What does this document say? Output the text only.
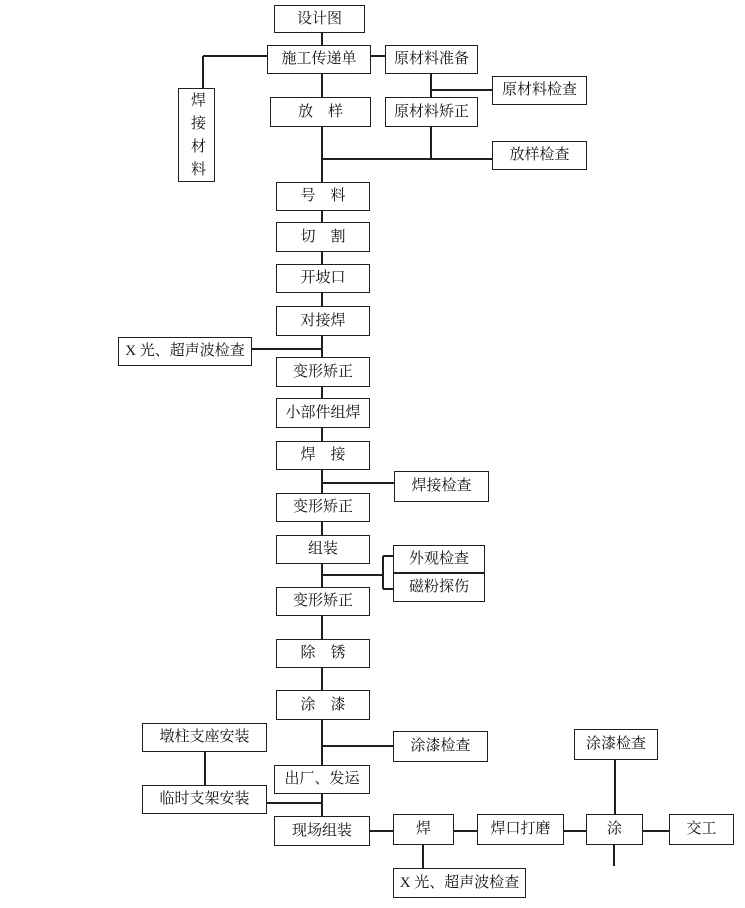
设计图
施工传递单	原材料准备
原材料检查
放　样	原材料矫正
焊接材料	放样检查
号　料
切　割
开坡口
对接焊
X 光、超声波检查
变形矫正
小部件组焊
焊　接
焊接检查
变形矫正
组装
外观检查
磁粉探伤
变形矫正
除　锈
涂　漆
涂漆检查
墩柱支座安装	涂漆检查
出厂、发运
临时支架安装
现场组装	焊	焊口打磨	涂	交工
X 光、超声波检查
